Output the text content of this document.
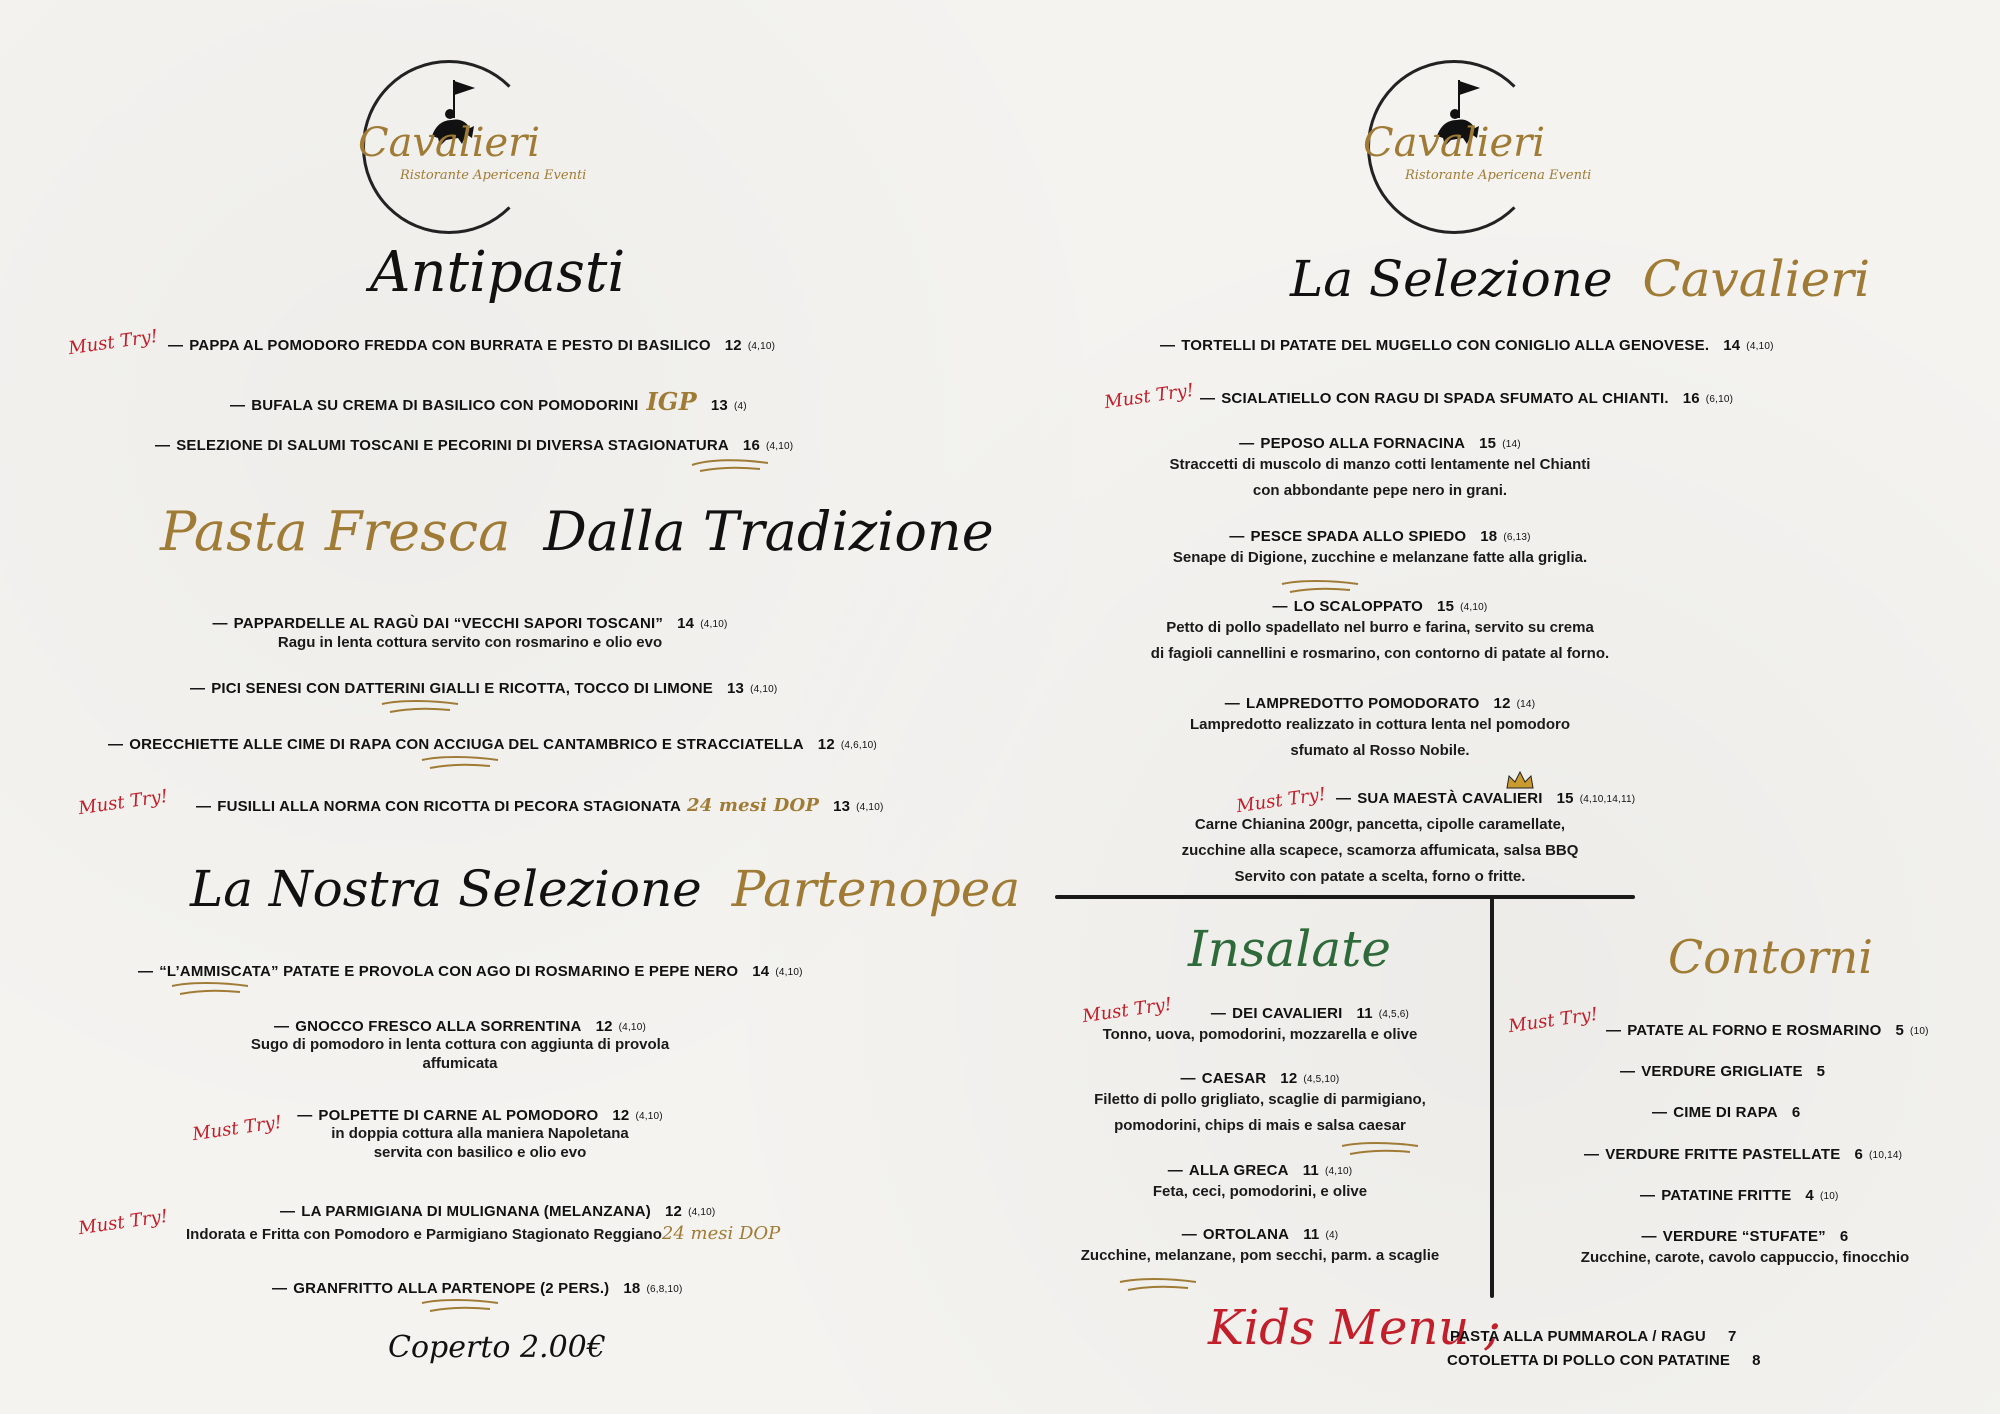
Cavalieri
Ristorante Apericena Eventi
Antipasti
Must Try! — PAPPA AL POMODORO FREDDA CON BURRATA E PESTO DI BASILICO 12 (4,10)
— BUFALA SU CREMA DI BASILICO CON POMODORINI IGP 13 (4)
— SELEZIONE DI SALUMI TOSCANI E PECORINI DI DIVERSA STAGIONATURA 16 (4,10)
Pasta Fresca Dalla Tradizione
— PAPPARDELLE AL RAGÙ DAI “VECCHI SAPORI TOSCANI” 14 (4,10)
Ragu in lenta cottura servito con rosmarino e olio evo
— PICI SENESI CON DATTERINI GIALLI E RICOTTA, TOCCO DI LIMONE 13 (4,10)
— ORECCHIETTE ALLE CIME DI RAPA CON ACCIUGA DEL CANTAMBRICO E STRACCIATELLA 12 (4,6,10)
Must Try! — FUSILLI ALLA NORMA CON RICOTTA DI PECORA STAGIONATA 24 mesi DOP 13 (4,10)
La Nostra Selezione Partenopea
— “L’AMMISCATA” PATATE E PROVOLA CON AGO DI ROSMARINO E PEPE NERO 14 (4,10)
— GNOCCO FRESCO ALLA SORRENTINA 12 (4,10)
Sugo di pomodoro in lenta cottura con aggiunta di provola
affumicata
Must Try! — POLPETTE DI CARNE AL POMODORO 12 (4,10)
in doppia cottura alla maniera Napoletana
servita con basilico e olio evo
Must Try!	— LA PARMIGIANA DI MULIGNANA (MELANZANA) 12 (4,10)
Indorata e Fritta con Pomodoro e Parmigiano Stagionato Reggiano24 mesi DOP
— GRANFRITTO ALLA PARTENOPE (2 PERS.) 18 (6,8,10)
Coperto 2.00€
Cavalieri
Ristorante Apericena Eventi
La Selezione Cavalieri
— TORTELLI DI PATATE DEL MUGELLO CON CONIGLIO ALLA GENOVESE. 14 (4,10)
Must Try! — SCIALATIELLO CON RAGU DI SPADA SFUMATO AL CHIANTI. 16 (6,10)
— PEPOSO ALLA FORNACINA 15 (14)
Straccetti di muscolo di manzo cotti lentamente nel Chianti
con abbondante pepe nero in grani.
— PESCE SPADA ALLO SPIEDO 18 (6,13)
Senape di Digione, zucchine e melanzane fatte alla griglia.
— LO SCALOPPATO 15 (4,10)
Petto di pollo spadellato nel burro e farina, servito su crema
di fagioli cannellini e rosmarino, con contorno di patate al forno.
— LAMPREDOTTO POMODORATO 12 (14)
Lampredotto realizzato in cottura lenta nel pomodoro
sfumato al Rosso Nobile.
Must Try! — SUA MAESTÀ CAVALIERI 15 (4,10,14,11)
Carne Chianina 200gr, pancetta, cipolle caramellate,
zucchine alla scapece, scamorza affumicata, salsa BBQ
Servito con patate a scelta, forno o fritte.
Insalate
Must Try!	— DEI CAVALIERI 11 (4,5,6)
Tonno, uova, pomodorini, mozzarella e olive
— CAESAR 12 (4,5,10)
Filetto di pollo grigliato, scaglie di parmigiano,
pomodorini, chips di mais e salsa caesar
— ALLA GRECA 11 (4,10)
Feta, ceci, pomodorini, e olive
— ORTOLANA 11 (4)
Zucchine, melanzane, pom secchi, parm. a scaglie
Contorni
Must Try! — PATATE AL FORNO E ROSMARINO 5 (10)
— VERDURE GRIGLIATE 5
— CIME DI RAPA 6
— VERDURE FRITTE PASTELLATE 6 (10,14)
— PATATINE FRITTE 4 (10)
— VERDURE “STUFATE” 6
Zucchine, carote, cavolo cappuccio, finocchio
Kids Menu ;
PASTA ALLA PUMMAROLA / RAGU 7
COTOLETTA DI POLLO CON PATATINE 8
